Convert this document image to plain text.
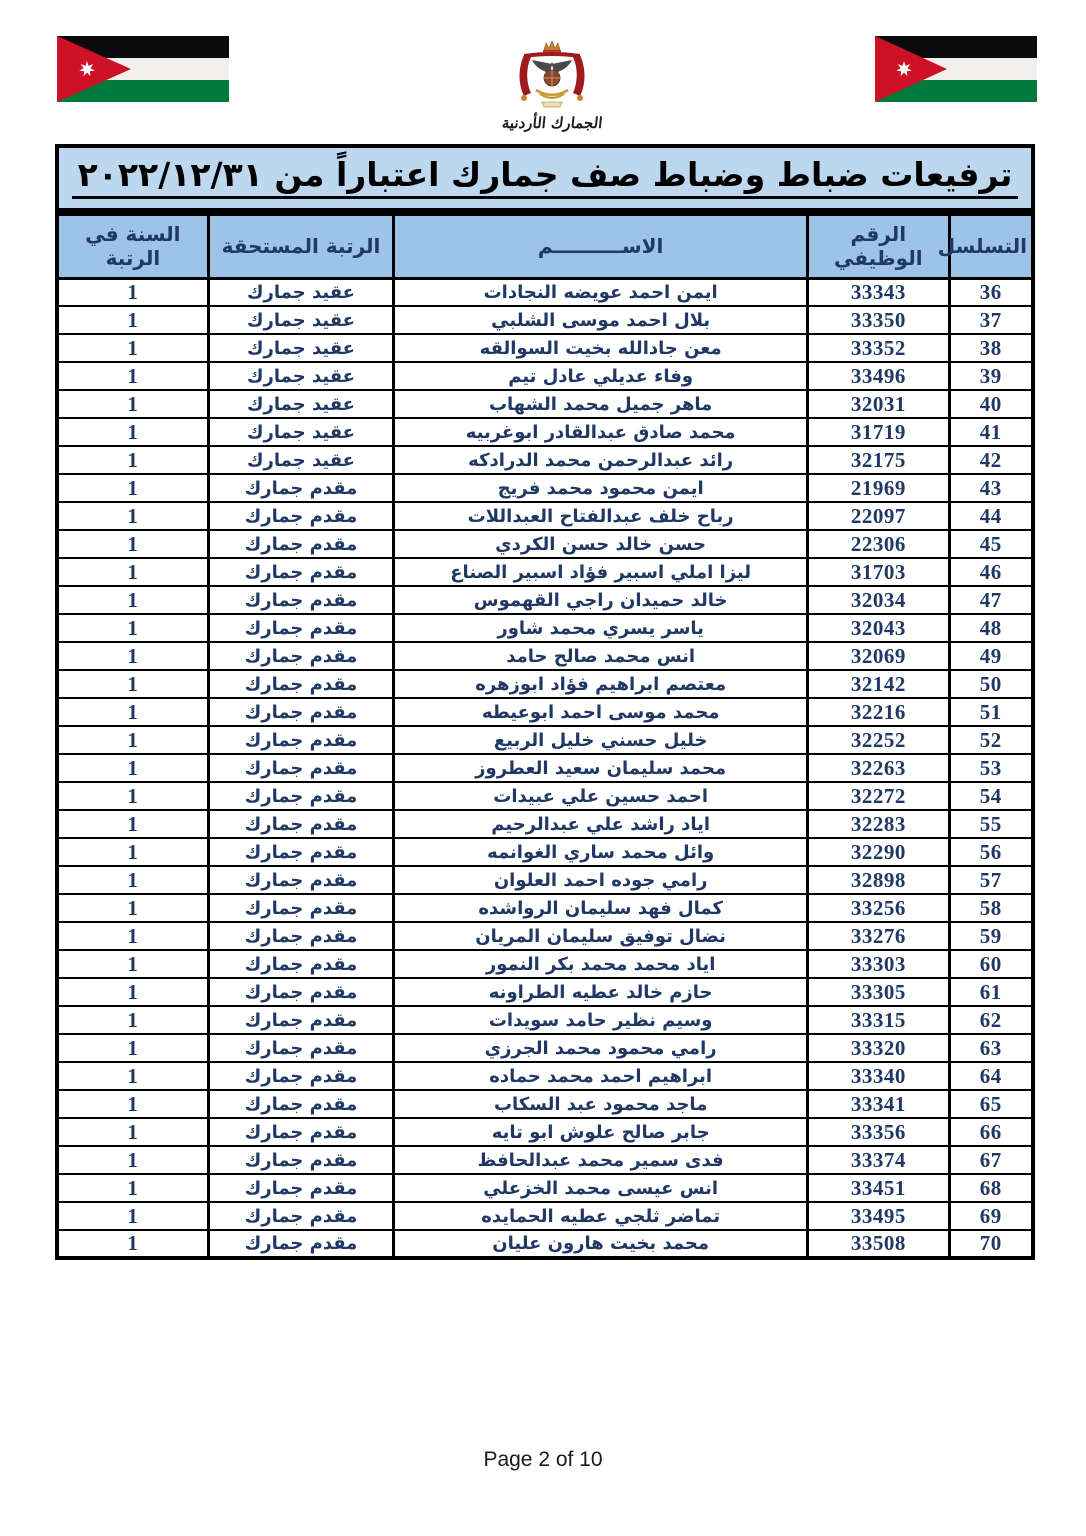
الجمارك الأردنية
ترفيعات ضباط وضباط صف جمارك اعتباراً من ٢٠٢٢/١٢/٣١
التسلسل	الرقم الوظيفي	الاســــــــــم	الرتبة المستحقة	السنة في الرتبة
36	33343	ايمن احمد عويضه النجادات	عقيد جمارك	1
37	33350	بلال احمد موسى الشلبي	عقيد جمارك	1
38	33352	معن جادالله بخيت السوالقه	عقيد جمارك	1
39	33496	وفاء عديلي عادل تيم	عقيد جمارك	1
40	32031	ماهر جميل محمد الشهاب	عقيد جمارك	1
41	31719	محمد صادق عبدالقادر ابوغربيه	عقيد جمارك	1
42	32175	رائد عبدالرحمن محمد الدرادكه	عقيد جمارك	1
43	21969	ايمن محمود محمد فريج	مقدم جمارك	1
44	22097	رباح خلف عبدالفتاح العبداللات	مقدم جمارك	1
45	22306	حسن خالد حسن الكردي	مقدم جمارك	1
46	31703	ليزا املي اسبير فؤاد اسبير الصناع	مقدم جمارك	1
47	32034	خالد حميدان راجي القهموس	مقدم جمارك	1
48	32043	ياسر يسري محمد شاور	مقدم جمارك	1
49	32069	انس محمد صالح حامد	مقدم جمارك	1
50	32142	معتصم ابراهيم فؤاد ابوزهره	مقدم جمارك	1
51	32216	محمد موسى احمد ابوعيطه	مقدم جمارك	1
52	32252	خليل حسني خليل الربيع	مقدم جمارك	1
53	32263	محمد سليمان سعيد العطروز	مقدم جمارك	1
54	32272	احمد حسين علي عبيدات	مقدم جمارك	1
55	32283	اياد راشد علي عبدالرحيم	مقدم جمارك	1
56	32290	وائل محمد ساري الغوانمه	مقدم جمارك	1
57	32898	رامي جوده احمد العلوان	مقدم جمارك	1
58	33256	كمال فهد سليمان الرواشده	مقدم جمارك	1
59	33276	نضال توفيق سليمان المريان	مقدم جمارك	1
60	33303	اياد محمد محمد بكر النمور	مقدم جمارك	1
61	33305	حازم خالد عطيه الطراونه	مقدم جمارك	1
62	33315	وسيم نظير حامد سويدات	مقدم جمارك	1
63	33320	رامي محمود محمد الجرزي	مقدم جمارك	1
64	33340	ابراهيم احمد محمد حماده	مقدم جمارك	1
65	33341	ماجد محمود عبد السكاب	مقدم جمارك	1
66	33356	جابر صالح علوش ابو تايه	مقدم جمارك	1
67	33374	فدى سمير محمد عبدالحافظ	مقدم جمارك	1
68	33451	انس عيسى محمد الخزعلي	مقدم جمارك	1
69	33495	تماضر ثلجي عطيه الحمايده	مقدم جمارك	1
70	33508	محمد بخيت هارون عليان	مقدم جمارك	1
Page 2 of 10
